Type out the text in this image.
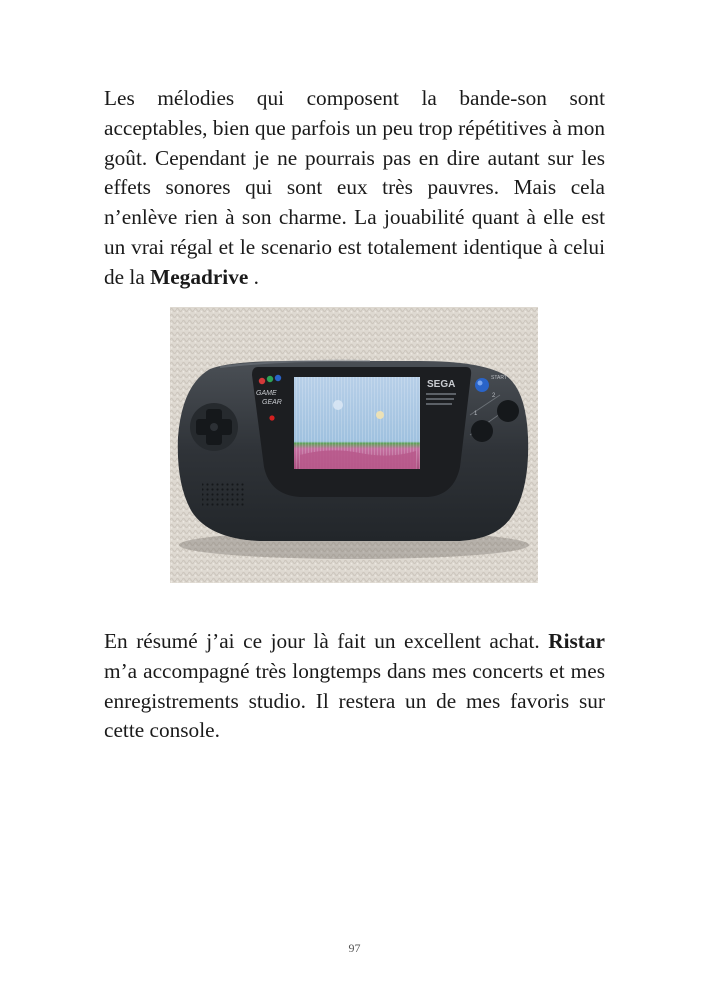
Les mélodies qui composent la bande-son sont acceptables, bien que parfois un peu trop répétitives à mon goût. Cependant je ne pourrais pas en dire autant sur les effets sonores qui sont eux très pauvres. Mais cela n’enlève rien à son charme. La jouabilité quant à elle est un vrai régal et le scenario est totalement identique à celui de la Megadrive .

GAME
GEAR
SEGA
START
1
2

En résumé j’ai ce jour là fait un excellent achat. Ristar m’a accompagné très longtemps dans mes concerts et mes enregistrements studio. Il restera un de mes favoris sur cette console.

97
